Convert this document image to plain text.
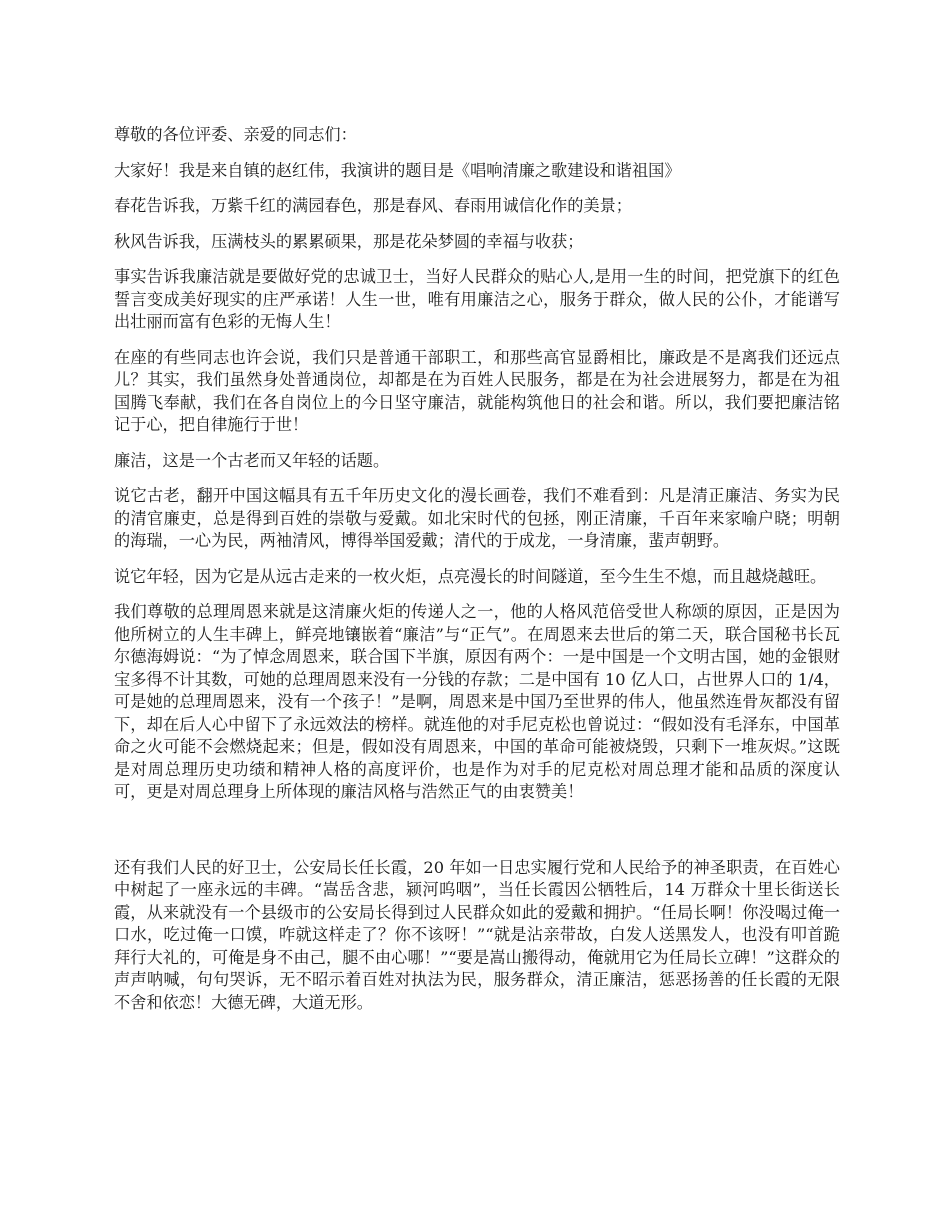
尊敬的各位评委、亲爱的同志们：

大家好！我是来自镇的赵红伟，我演讲的题目是《唱响清廉之歌建设和谐祖国》

春花告诉我，万紫千红的满园春色，那是春风、春雨用诚信化作的美景；

秋风告诉我，压满枝头的累累硕果，那是花朵梦圆的幸福与收获；

事实告诉我廉洁就是要做好党的忠诚卫士，当好人民群众的贴心人,是用一生的时间，把党旗下的红色誓言变成美好现实的庄严承诺！人生一世，唯有用廉洁之心，服务于群众，做人民的公仆，才能谱写出壮丽而富有色彩的无悔人生！

在座的有些同志也许会说，我们只是普通干部职工，和那些高官显爵相比，廉政是不是离我们还远点儿？其实，我们虽然身处普通岗位，却都是在为百姓人民服务，都是在为社会进展努力，都是在为祖国腾飞奉献，我们在各自岗位上的今日坚守廉洁，就能构筑他日的社会和谐。所以，我们要把廉洁铭记于心，把自律施行于世！

廉洁，这是一个古老而又年轻的话题。

说它古老，翻开中国这幅具有五千年历史文化的漫长画卷，我们不难看到：凡是清正廉洁、务实为民的清官廉吏，总是得到百姓的崇敬与爱戴。如北宋时代的包拯，刚正清廉，千百年来家喻户晓；明朝的海瑞，一心为民，两袖清风，博得举国爱戴；清代的于成龙，一身清廉，蜚声朝野。

说它年轻，因为它是从远古走来的一枚火炬，点亮漫长的时间隧道，至今生生不熄，而且越烧越旺。

我们尊敬的总理周恩来就是这清廉火炬的传递人之一，他的人格风范倍受世人称颂的原因，正是因为他所树立的人生丰碑上，鲜亮地镶嵌着“廉洁”与“正气”。在周恩来去世后的第二天，联合国秘书长瓦尔德海姆说：“为了悼念周恩来，联合国下半旗，原因有两个：一是中国是一个文明古国，她的金银财宝多得不计其数，可她的总理周恩来没有一分钱的存款；二是中国有 10 亿人口，占世界人口的 1/4，可是她的总理周恩来，没有一个孩子！”是啊，周恩来是中国乃至世界的伟人，他虽然连骨灰都没有留下，却在后人心中留下了永远效法的榜样。就连他的对手尼克松也曾说过：“假如没有毛泽东，中国革命之火可能不会燃烧起来；但是，假如没有周恩来，中国的革命可能被烧毁，只剩下一堆灰烬。”这既是对周总理历史功绩和精神人格的高度评价，也是作为对手的尼克松对周总理才能和品质的深度认可，更是对周总理身上所体现的廉洁风格与浩然正气的由衷赞美！

还有我们人民的好卫士，公安局长任长霞，20 年如一日忠实履行党和人民给予的神圣职责，在百姓心中树起了一座永远的丰碑。“嵩岳含悲，颍河呜咽”，当任长霞因公牺牲后，14 万群众十里长街送长霞，从来就没有一个县级市的公安局长得到过人民群众如此的爱戴和拥护。“任局长啊！你没喝过俺一口水，吃过俺一口馍，咋就这样走了？你不该呀！”“就是沾亲带故，白发人送黑发人，也没有叩首跪拜行大礼的，可俺是身不由己，腿不由心哪！”“要是嵩山搬得动，俺就用它为任局长立碑！”这群众的声声呐喊，句句哭诉，无不昭示着百姓对执法为民，服务群众，清正廉洁，惩恶扬善的任长霞的无限不舍和依恋！大德无碑，大道无形。
